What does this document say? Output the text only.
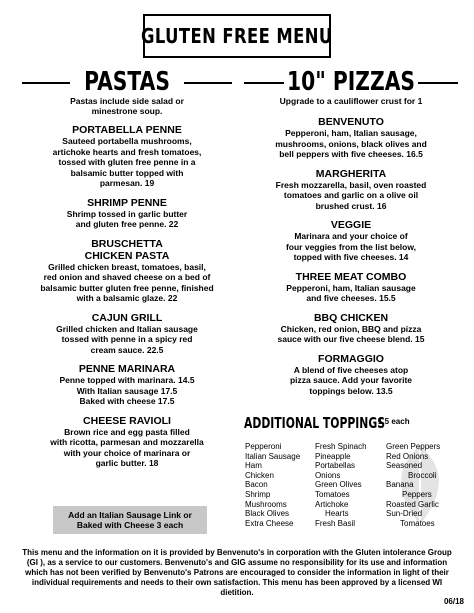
GLUTEN FREE MENU
PASTAS
Pastas include side salad or
minestrone soup.
PORTABELLA PENNE
Sauteed portabella mushrooms,
artichoke hearts and fresh tomatoes,
tossed with gluten free penne in a
balsamic butter topped with
parmesan. 19
SHRIMP PENNE
Shrimp tossed in garlic butter
and gluten free penne. 22
BRUSCHETTA
CHICKEN PASTA
Grilled chicken breast, tomatoes, basil,
red onion and shaved cheese on a bed of
balsamic butter gluten free penne, finished
with a balsamic glaze. 22
CAJUN GRILL
Grilled chicken and Italian sausage
tossed with penne in a spicy red
cream sauce. 22.5
PENNE MARINARA
Penne topped with marinara. 14.5
With Italian sausage 17.5
Baked with cheese 17.5
CHEESE RAVIOLI
Brown rice and egg pasta filled
with ricotta, parmesan and mozzarella
with your choice of marinara or
garlic butter. 18
Add an Italian Sausage Link or
Baked with Cheese 3 each
10" PIZZAS
Upgrade to a cauliflower crust for 1
BENVENUTO
Pepperoni, ham, Italian sausage,
mushrooms, onions, black olives and
bell peppers with five cheeses. 16.5
MARGHERITA
Fresh mozzarella, basil, oven roasted
tomatoes and garlic on a olive oil
brushed crust. 16
VEGGIE
Marinara and your choice of
four veggies from the list below,
topped with five cheeses. 14
THREE MEAT COMBO
Pepperoni, ham, Italian sausage
and five cheeses. 15.5
BBQ CHICKEN
Chicken, red onion, BBQ and pizza
sauce with our five cheese blend. 15
FORMAGGIO
A blend of five cheeses atop
pizza sauce. Add your favorite
toppings below. 13.5
ADDITIONAL TOPPINGS
1.5 each
Pepperoni
Italian Sausage
Ham
Chicken
Bacon
Shrimp
Mushrooms
Black Olives
Extra Cheese
Fresh Spinach
Pineapple
Portabellas
Onions
Green Olives
Tomatoes
Artichoke
Hearts
Fresh Basil
Green Peppers
Red Onions
Seasoned
Broccoli
Banana
Peppers
Roasted Garlic
Sun-Dried
Tomatoes
This menu and the information on it is provided by Benvenuto's in corporation with the Gluten intolerance Group (GI ), as a service to our customers. Benvenuto's and GIG assume no responsibility for its use and information which has not been verified by Benvenuto's Patrons are encouraged to consider the information in light of their individual requirements and needs to their own satisfaction. This menu has been approved by a licensed WI dietition.
06/18
